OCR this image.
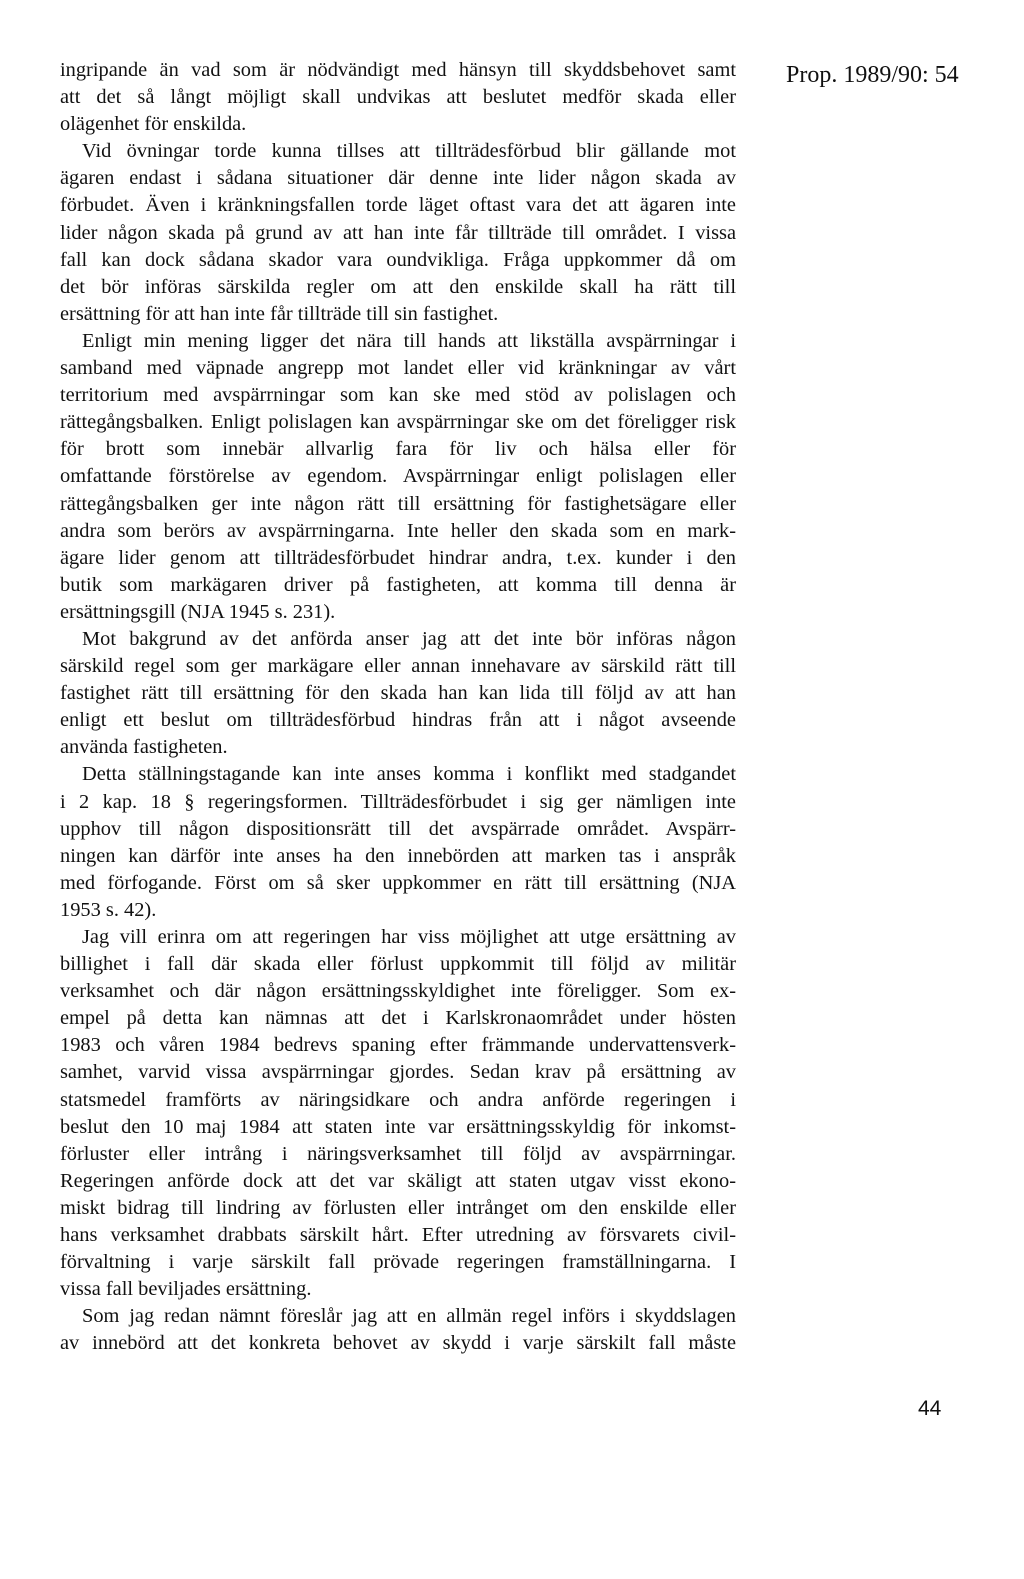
Prop. 1989/90: 54
ingripande än vad som är nödvändigt med hänsyn till skyddsbehovet samt
att det så långt möjligt skall undvikas att beslutet medför skada eller
olägenhet för enskilda.
Vid övningar torde kunna tillses att tillträdesförbud blir gällande mot
ägaren endast i sådana situationer där denne inte lider någon skada av
förbudet. Även i kränkningsfallen torde läget oftast vara det att ägaren inte
lider någon skada på grund av att han inte får tillträde till området. I vissa
fall kan dock sådana skador vara oundvikliga. Fråga uppkommer då om
det bör införas särskilda regler om att den enskilde skall ha rätt till
ersättning för att han inte får tillträde till sin fastighet.
Enligt min mening ligger det nära till hands att likställa avspärrningar i
samband med väpnade angrepp mot landet eller vid kränkningar av vårt
territorium med avspärrningar som kan ske med stöd av polislagen och
rättegångsbalken. Enligt polislagen kan avspärrningar ske om det föreligger risk för brott som innebär allvarlig fara för liv och hälsa eller för
omfattande förstörelse av egendom. Avspärrningar enligt polislagen eller
rättegångsbalken ger inte någon rätt till ersättning för fastighetsägare eller
andra som berörs av avspärrningarna. Inte heller den skada som en mark-
ägare lider genom att tillträdesförbudet hindrar andra, t.ex. kunder i den
butik som markägaren driver på fastigheten, att komma till denna är
ersättningsgill (NJA 1945 s. 231).
Mot bakgrund av det anförda anser jag att det inte bör införas någon
särskild regel som ger markägare eller annan innehavare av särskild rätt till
fastighet rätt till ersättning för den skada han kan lida till följd av att han
enligt ett beslut om tillträdesförbud hindras från att i något avseende
använda fastigheten.
Detta ställningstagande kan inte anses komma i konflikt med stadgandet
i 2 kap. 18 § regeringsformen. Tillträdesförbudet i sig ger nämligen inte
upphov till någon dispositionsrätt till det avspärrade området. Avspärr-
ningen kan därför inte anses ha den innebörden att marken tas i anspråk
med förfogande. Först om så sker uppkommer en rätt till ersättning (NJA
1953 s. 42).
Jag vill erinra om att regeringen har viss möjlighet att utge ersättning av
billighet i fall där skada eller förlust uppkommit till följd av militär
verksamhet och där någon ersättningsskyldighet inte föreligger. Som ex-
empel på detta kan nämnas att det i Karlskronaområdet under hösten
1983 och våren 1984 bedrevs spaning efter främmande undervattensverk-
samhet, varvid vissa avspärrningar gjordes. Sedan krav på ersättning av
statsmedel framförts av näringsidkare och andra anförde regeringen i
beslut den 10 maj 1984 att staten inte var ersättningsskyldig för inkomst-
förluster eller intrång i näringsverksamhet till följd av avspärrningar.
Regeringen anförde dock att det var skäligt att staten utgav visst ekono-
miskt bidrag till lindring av förlusten eller intrånget om den enskilde eller
hans verksamhet drabbats särskilt hårt. Efter utredning av försvarets civil-
förvaltning i varje särskilt fall prövade regeringen framställningarna. I
vissa fall beviljades ersättning.
Som jag redan nämnt föreslår jag att en allmän regel införs i skyddslagen
av innebörd att det konkreta behovet av skydd i varje särskilt fall måste
44
